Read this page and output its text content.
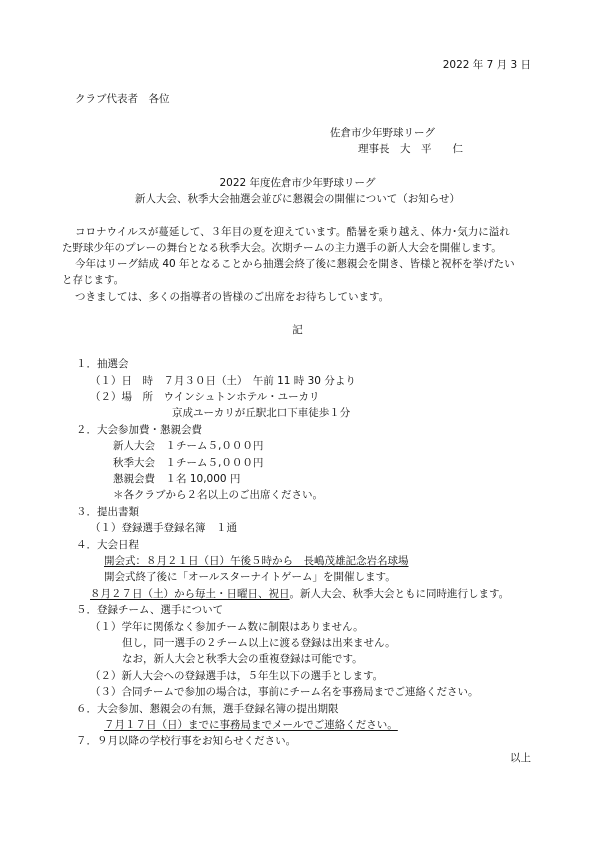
2022 年 7 月 3 日
クラブ代表者　各位
佐倉市少年野球リーグ
理事長　大　平　　仁
2022 年度佐倉市少年野球リーグ
新人大会、秋季大会抽選会並びに懇親会の開催について（お知らせ）
コロナウイルスが蔓延して、３年目の夏を迎えています。酷暑を乗り越え、体力･気力に溢れ
た野球少年のプレーの舞台となる秋季大会。次期チームの主力選手の新人大会を開催します。
今年はリーグ結成 40 年となることから抽選会終了後に懇親会を開き、皆様と祝杯を挙げたい
と存じます。
つきましては、多くの指導者の皆様のご出席をお待ちしています。
記
１．抽選会
（１）日　時　７月３０日（土）　午前 11 時 30 分より
（２）場　所　ウインシュトンホテル・ユーカリ
京成ユーカリが丘駅北口下車徒歩１分
２．大会参加費・懇親会費
新人大会　１チーム５,０００円
秋季大会　１チーム５,０００円
懇親会費　１名 10,000 円
＊各クラブから２名以上のご出席ください。
３．提出書類
（１）登録選手登録名簿　１通
４．大会日程
開会式：８月２１日（日）午後５時から　長嶋茂雄記念岩名球場
開会式終了後に「オールスターナイトゲーム」を開催します。
８月２７日（土）から毎土・日曜日、祝日。新人大会、秋季大会ともに同時進行します。
５．登録チーム、選手について
（１）学年に関係なく参加チーム数に制限はありません。
但し，同一選手の２チーム以上に渡る登録は出来ません。
なお，新人大会と秋季大会の重複登録は可能です。
（２）新人大会への登録選手は，５年生以下の選手とします。
（３）合同チームで参加の場合は，事前にチーム名を事務局までご連絡ください。
６．大会参加、懇親会の有無，選手登録名簿の提出期限
７月１７日（日）までに事務局までメールでご連絡ください。
７．９月以降の学校行事をお知らせください。
以上
